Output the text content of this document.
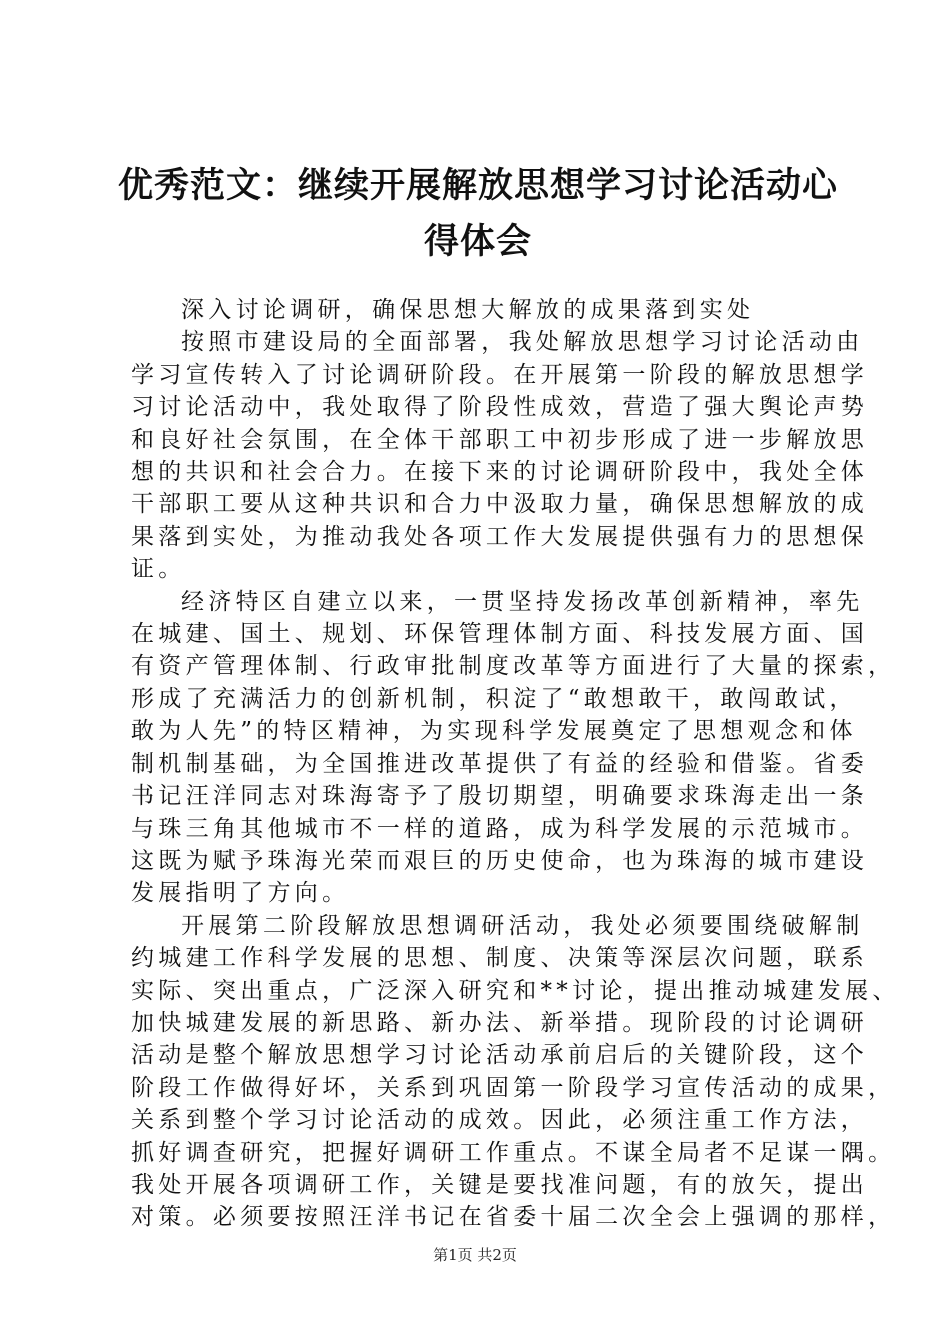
优秀范文：继续开展解放思想学习讨论活动心
得体会
深入讨论调研，确保思想大解放的成果落到实处
按照市建设局的全面部署，我处解放思想学习讨论活动由
学习宣传转入了讨论调研阶段。在开展第一阶段的解放思想学
习讨论活动中，我处取得了阶段性成效，营造了强大舆论声势
和良好社会氛围，在全体干部职工中初步形成了进一步解放思
想的共识和社会合力。在接下来的讨论调研阶段中，我处全体
干部职工要从这种共识和合力中汲取力量，确保思想解放的成
果落到实处，为推动我处各项工作大发展提供强有力的思想保
证。
经济特区自建立以来，一贯坚持发扬改革创新精神，率先
在城建、国土、规划、环保管理体制方面、科技发展方面、国
有资产管理体制、行政审批制度改革等方面进行了大量的探索，
形成了充满活力的创新机制，积淀了“敢想敢干，敢闯敢试，
敢为人先”的特区精神，为实现科学发展奠定了思想观念和体
制机制基础，为全国推进改革提供了有益的经验和借鉴。省委
书记汪洋同志对珠海寄予了殷切期望，明确要求珠海走出一条
与珠三角其他城市不一样的道路，成为科学发展的示范城市。
这既为赋予珠海光荣而艰巨的历史使命，也为珠海的城市建设
发展指明了方向。
开展第二阶段解放思想调研活动，我处必须要围绕破解制
约城建工作科学发展的思想、制度、决策等深层次问题，联系
实际、突出重点，广泛深入研究和**讨论，提出推动城建发展、
加快城建发展的新思路、新办法、新举措。现阶段的讨论调研
活动是整个解放思想学习讨论活动承前启后的关键阶段，这个
阶段工作做得好坏，关系到巩固第一阶段学习宣传活动的成果，
关系到整个学习讨论活动的成效。因此，必须注重工作方法，
抓好调查研究，把握好调研工作重点。不谋全局者不足谋一隅。
我处开展各项调研工作，关键是要找准问题，有的放矢，提出
对策。必须要按照汪洋书记在省委十届二次全会上强调的那样，
第1页 共2页
